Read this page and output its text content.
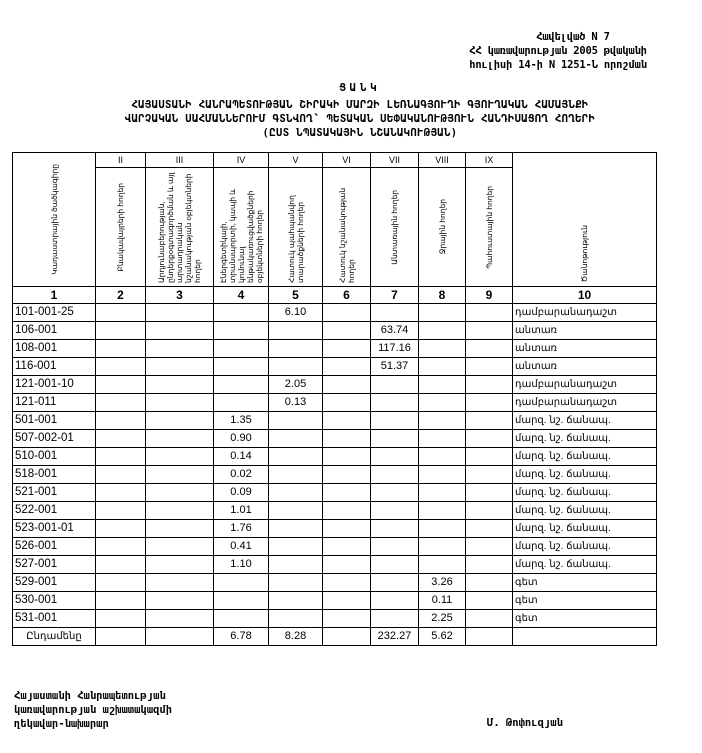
Հավելված N 7
ՀՀ կառավարության 2005 թվականի
հուլիսի 14-ի N 1251-Ն որոշման
ՑԱՆԿ
ՀԱՅԱՍՏԱՆԻ ՀԱՆՐԱՊԵՏՈՒԹՅԱՆ ՇԻՐԱԿԻ ՄԱՐԶԻ ԼԵՌՆԱԳՅՈՒՂԻ ԳՅՈՒՂԱԿԱՆ ՀԱՄԱՅՆՔԻ
ՎԱՐՉԱԿԱՆ ՍԱՀՄԱՆՆԵՐՈՒՄ ԳՏՆՎՈՂ՝ ՊԵՏԱԿԱՆ ՍԵՓԱԿԱՆՈՒԹՅՈՒՆ ՀԱՆԴԻՍԱՑՈՂ ՀՈՂԵՐԻ
(ԸՍՏ ՆՊԱՏԱԿԱՅԻՆ ՆՇԱՆԱԿՈՒԹՅԱՆ)
Կադաստրային ծածկագիրը	II	III	IV	V	VI	VII	VIII	IX	Ծանոթություն

	Բնակավայրերի հողեր	Արդյունաբերության, ընդերքօգտագործման և այլ արտադրական նշանակության օբյեկտների հողեր	Էներգետիկայի, տրանսպորտի, կապի և կոմունալ ենթակառուցվածքների օբյեկտների հողեր	Հատուկ պահպանվող տարածքների հողեր	Հատուկ նշանակության հողեր	Անտառային հողեր	Ջրային հողեր	Պահուստային հողեր	

1	2	3	4	5	6	7	8	9	10
101-001-25				6.10					դամբարանադաշտ
106-001						63.74			անտառ
108-001						117.16			անտառ
116-001						51.37			անտառ
121-001-10				2.05					դամբարանադաշտ
121-011				0.13					դամբարանադաշտ
501-001			1.35						մարզ. նշ. ճանապ.
507-002-01			0.90						մարզ. նշ. ճանապ.
510-001			0.14						մարզ. նշ. ճանապ.
518-001			0.02						մարզ. նշ. ճանապ.
521-001			0.09						մարզ. նշ. ճանապ.
522-001			1.01						մարզ. նշ. ճանապ.
523-001-01			1.76						մարզ. նշ. ճանապ.
526-001			0.41						մարզ. նշ. ճանապ.
527-001			1.10						մարզ. նշ. ճանապ.
529-001							3.26		գետ
530-001							0.11		գետ
531-001							2.25		գետ
Ընդամենը			6.78	8.28		232.27	5.62		
Հայաստանի Հանրապետության
կառավարության աշխատակազմի
ղեկավար-նախարար	Մ. Թոփուզյան
